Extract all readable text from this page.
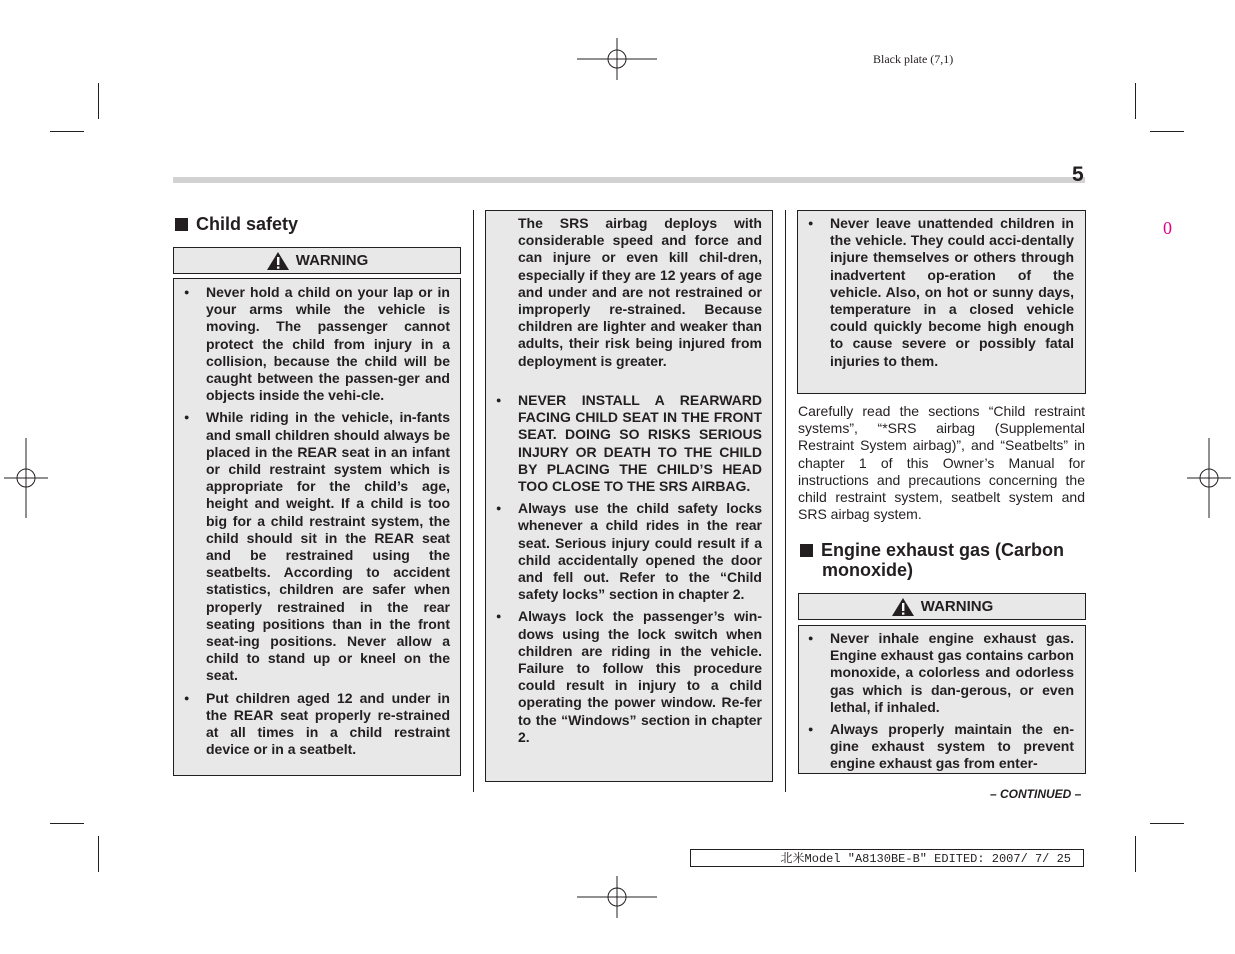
Black plate (7,1)
5
0
Child safety
WARNING
● Never hold a child on your lap or in your arms while the vehicle is moving. The passenger cannot protect the child from injury in a collision, because the child will be caught between the passen-ger and objects inside the vehi-cle.
● While riding in the vehicle, in-fants and small children should always be placed in the REAR seat in an infant or child restraint system which is appropriate for the child’s age, height and weight. If a child is too big for a child restraint system, the child should sit in the REAR seat and be restrained using the seatbelts. According to accident statistics, children are safer when properly restrained in the rear seating positions than in the front seat-ing positions. Never allow a child to stand up or kneel on the seat.
● Put children aged 12 and under in the REAR seat properly re-strained at all times in a child restraint device or in a seatbelt.
The SRS airbag deploys with considerable speed and force and can injure or even kill chil-dren, especially if they are 12 years of age and under and are not restrained or improperly re-strained. Because children are lighter and weaker than adults, their risk being injured from deployment is greater.
● NEVER INSTALL A REARWARD FACING CHILD SEAT IN THE FRONT SEAT. DOING SO RISKS SERIOUS INJURY OR DEATH TO THE CHILD BY PLACING THE CHILD’S HEAD TOO CLOSE TO THE SRS AIRBAG.
● Always use the child safety locks whenever a child rides in the rear seat. Serious injury could result if a child accidentally opened the door and fell out. Refer to the “Child safety locks” section in chapter 2.
● Always lock the passenger’s win-dows using the lock switch when children are riding in the vehicle. Failure to follow this procedure could result in injury to a child operating the power window. Re-fer to the “Windows” section in chapter 2.
● Never leave unattended children in the vehicle. They could acci-dentally injure themselves or others through inadvertent op-eration of the vehicle. Also, on hot or sunny days, temperature in a closed vehicle could quickly become high enough to cause severe or possibly fatal injuries to them.
Carefully read the sections “Child restraint systems”, “*SRS airbag (Supplemental Restraint System airbag)”, and “Seatbelts” in chapter 1 of this Owner’s Manual for instructions and precautions concerning the child restraint system, seatbelt system and SRS airbag system.
Engine exhaust gas (Carbon
monoxide)
WARNING
● Never inhale engine exhaust gas. Engine exhaust gas contains carbon monoxide, a colorless and odorless gas which is dan-gerous, or even lethal, if inhaled.
● Always properly maintain the en-gine exhaust system to prevent engine exhaust gas from enter-
– CONTINUED –
北米Model "A8130BE-B" EDITED: 2007/ 7/ 25
